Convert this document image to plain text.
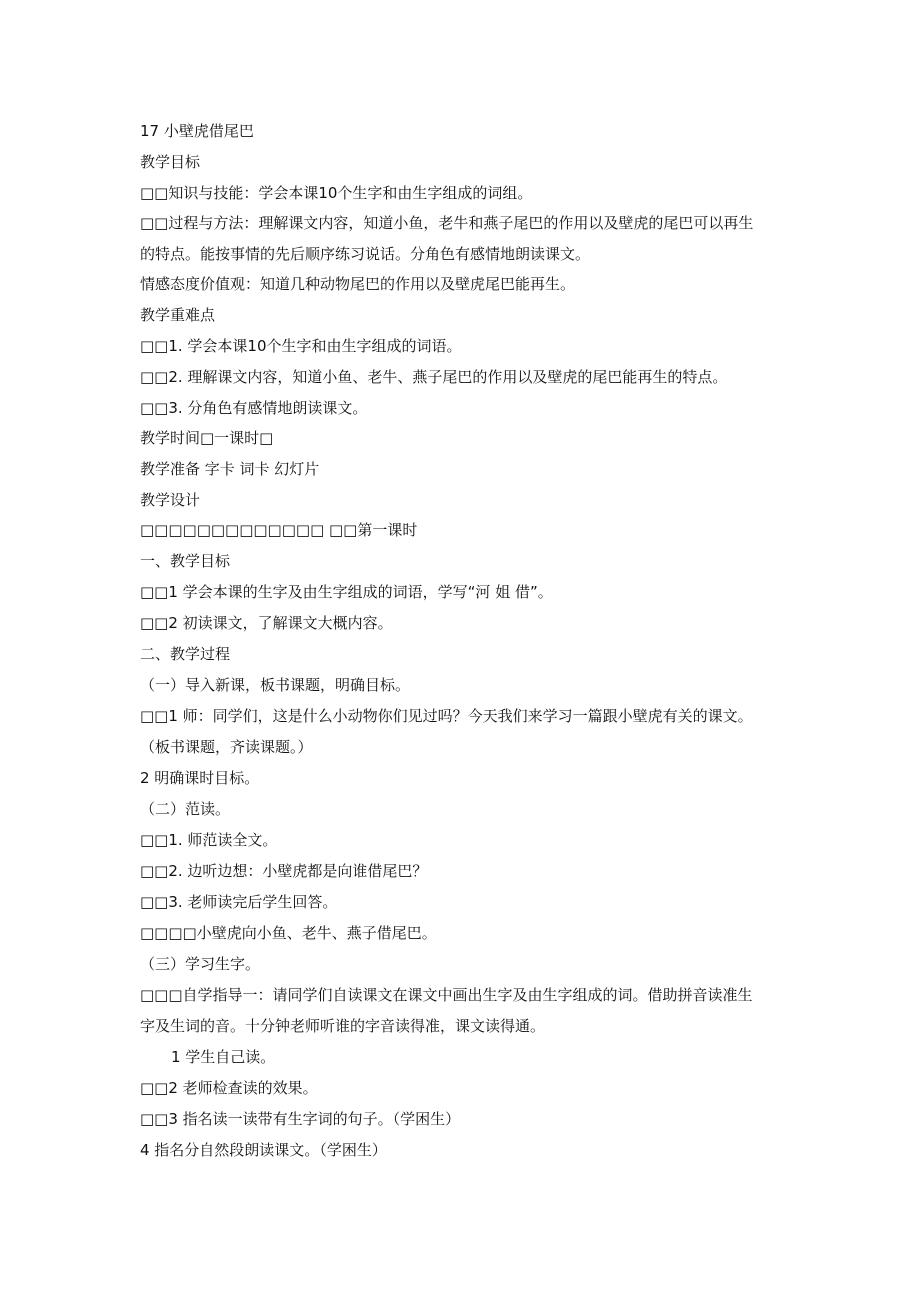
17 小壁虎借尾巴
教学目标
□□知识与技能：学会本课10个生字和由生字组成的词组。
□□过程与方法：理解课文内容，知道小鱼，老牛和燕子尾巴的作用以及壁虎的尾巴可以再生
的特点。能按事情的先后顺序练习说话。分角色有感情地朗读课文。
情感态度价值观：知道几种动物尾巴的作用以及壁虎尾巴能再生。
教学重难点
□□1. 学会本课10个生字和由生字组成的词语。
□□2. 理解课文内容，知道小鱼、老牛、燕子尾巴的作用以及壁虎的尾巴能再生的特点。
□□3. 分角色有感情地朗读课文。
教学时间□一课时□
教学准备 字卡 词卡 幻灯片
教学设计
□□□□□□□□□□□□□ □□第一课时
一、教学目标
□□1 学会本课的生字及由生字组成的词语，学写“河 姐 借”。
□□2 初读课文，了解课文大概内容。
二、教学过程
（一）导入新课，板书课题，明确目标。
□□1 师：同学们，这是什么小动物你们见过吗？今天我们来学习一篇跟小壁虎有关的课文。
（板书课题，齐读课题。）
2 明确课时目标。
（二）范读。
□□1. 师范读全文。
□□2. 边听边想：小壁虎都是向谁借尾巴？
□□3. 老师读完后学生回答。
□□□□小壁虎向小鱼、老牛、燕子借尾巴。
（三）学习生字。
□□□自学指导一：请同学们自读课文在课文中画出生字及由生字组成的词。借助拼音读准生
字及生词的音。十分钟老师听谁的字音读得准，课文读得通。
1 学生自己读。
□□2 老师检查读的效果。
□□3 指名读一读带有生字词的句子。（学困生）
4 指名分自然段朗读课文。（学困生）
